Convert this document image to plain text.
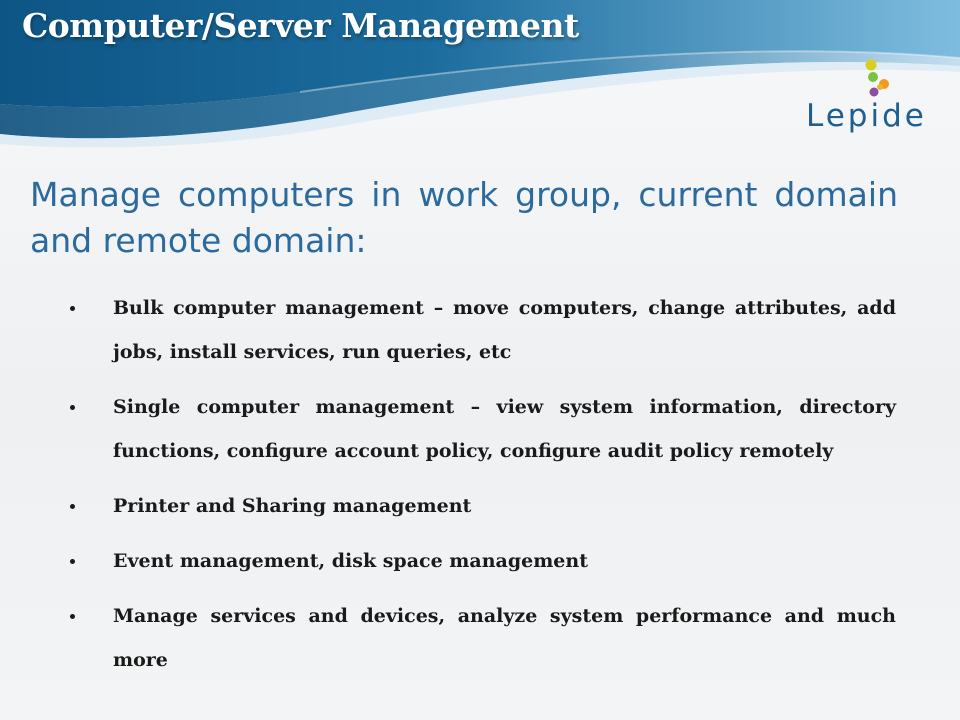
Computer/Server Management
Lepide

Manage computers in work group, current domain and remote domain:

Bulk computer management – move computers, change attributes, add jobs, install services, run queries, etc
Single computer management – view system information, directory functions, configure account policy, configure audit policy remotely
Printer and Sharing management
Event management, disk space management
Manage services and devices, analyze system performance and much more
